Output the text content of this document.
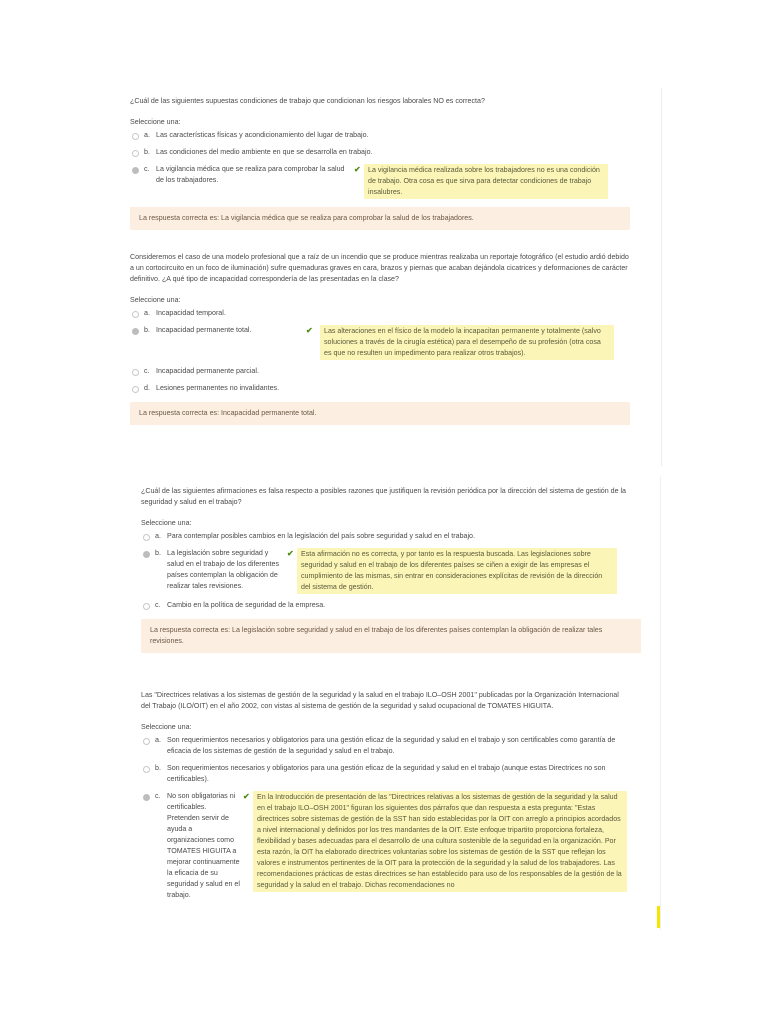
¿Cuál de las siguientes supuestas condiciones de trabajo que condicionan los riesgos laborales NO es correcta?

Seleccione una:

a. Las características físicas y acondicionamiento del lugar de trabajo.
b. Las condiciones del medio ambiente en que se desarrolla en trabajo.
c. La vigilancia médica que se realiza para comprobar la salud de los trabajadores.
✔	La vigilancia médica realizada sobre los trabajadores no es una condición de trabajo. Otra cosa es que sirva para detectar condiciones de trabajo insalubres.
La respuesta correcta es: La vigilancia médica que se realiza para comprobar la salud de los trabajadores.

Consideremos el caso de una modelo profesional que a raíz de un incendio que se produce mientras realizaba un reportaje fotográfico (el estudio ardió debido a un cortocircuito en un foco de iluminación) sufre quemaduras graves en cara, brazos y piernas que acaban dejándola cicatrices y deformaciones de carácter definitivo. ¿A qué tipo de incapacidad correspondería de las presentadas en la clase?

Seleccione una:

a. Incapacidad temporal.
b. Incapacidad permanente total.	✔	Las alteraciones en el físico de la modelo la incapacitan permanente y totalmente (salvo soluciones a través de la cirugía estética) para el desempeño de su profesión (otra cosa es que no resulten un impedimento para realizar otros trabajos).
c. Incapacidad permanente parcial.
d. Lesiones permanentes no invalidantes.
La respuesta correcta es: Incapacidad permanente total.

¿Cuál de las siguientes afirmaciones es falsa respecto a posibles razones que justifiquen la revisión periódica por la dirección del sistema de gestión de la seguridad y salud en el trabajo?

Seleccione una:

a. Para contemplar posibles cambios en la legislación del país sobre seguridad y salud en el trabajo.
b. La legislación sobre seguridad y salud en el trabajo de los diferentes países contemplan la obligación de realizar tales revisiones.
✔	Esta afirmación no es correcta, y por tanto es la respuesta buscada. Las legislaciones sobre seguridad y salud en el trabajo de los diferentes países se ciñen a exigir de las empresas el cumplimiento de las mismas, sin entrar en consideraciones explícitas de revisión de la dirección del sistema de gestión.
c. Cambio en la política de seguridad de la empresa.
La respuesta correcta es: La legislación sobre seguridad y salud en el trabajo de los diferentes países contemplan la obligación de realizar tales revisiones.

Las "Directrices relativas a los sistemas de gestión de la seguridad y la salud en el trabajo ILO–OSH 2001" publicadas por la Organización Internacional del Trabajo (ILO/OIT) en el año 2002, con vistas al sistema de gestión de la seguridad y salud ocupacional de TOMATES HIGUITA.

Seleccione una:

a. Son requerimientos necesarios y obligatorios para una gestión eficaz de la seguridad y salud en el trabajo y son certificables como garantía de eficacia de los sistemas de gestión de la seguridad y salud en el trabajo.
b. Son requerimientos necesarios y obligatorios para una gestión eficaz de la seguridad y salud en el trabajo (aunque estas Directrices no son certificables).
c. No son obligatorias ni certificables. Pretenden servir de ayuda a organizaciones como TOMATES HIGUITA a mejorar continuamente la eficacia de su seguridad y salud en el trabajo.
✔	En la Introducción de presentación de las "Directrices relativas a los sistemas de gestión de la seguridad y la salud en el trabajo ILO–OSH 2001" figuran los siguientes dos párrafos que dan respuesta a esta pregunta: "Estas directrices sobre sistemas de gestión de la SST han sido establecidas por la OIT con arreglo a principios acordados a nivel internacional y definidos por los tres mandantes de la OIT. Este enfoque tripartito proporciona fortaleza, flexibilidad y bases adecuadas para el desarrollo de una cultura sostenible de la seguridad en la organización. Por esta razón, la OIT ha elaborado directrices voluntarias sobre los sistemas de gestión de la SST que reflejan los valores e instrumentos pertinentes de la OIT para la protección de la seguridad y la salud de los trabajadores. Las recomendaciones prácticas de estas directrices se han establecido para uso de los responsables de la gestión de la seguridad y la salud en el trabajo. Dichas recomendaciones no
